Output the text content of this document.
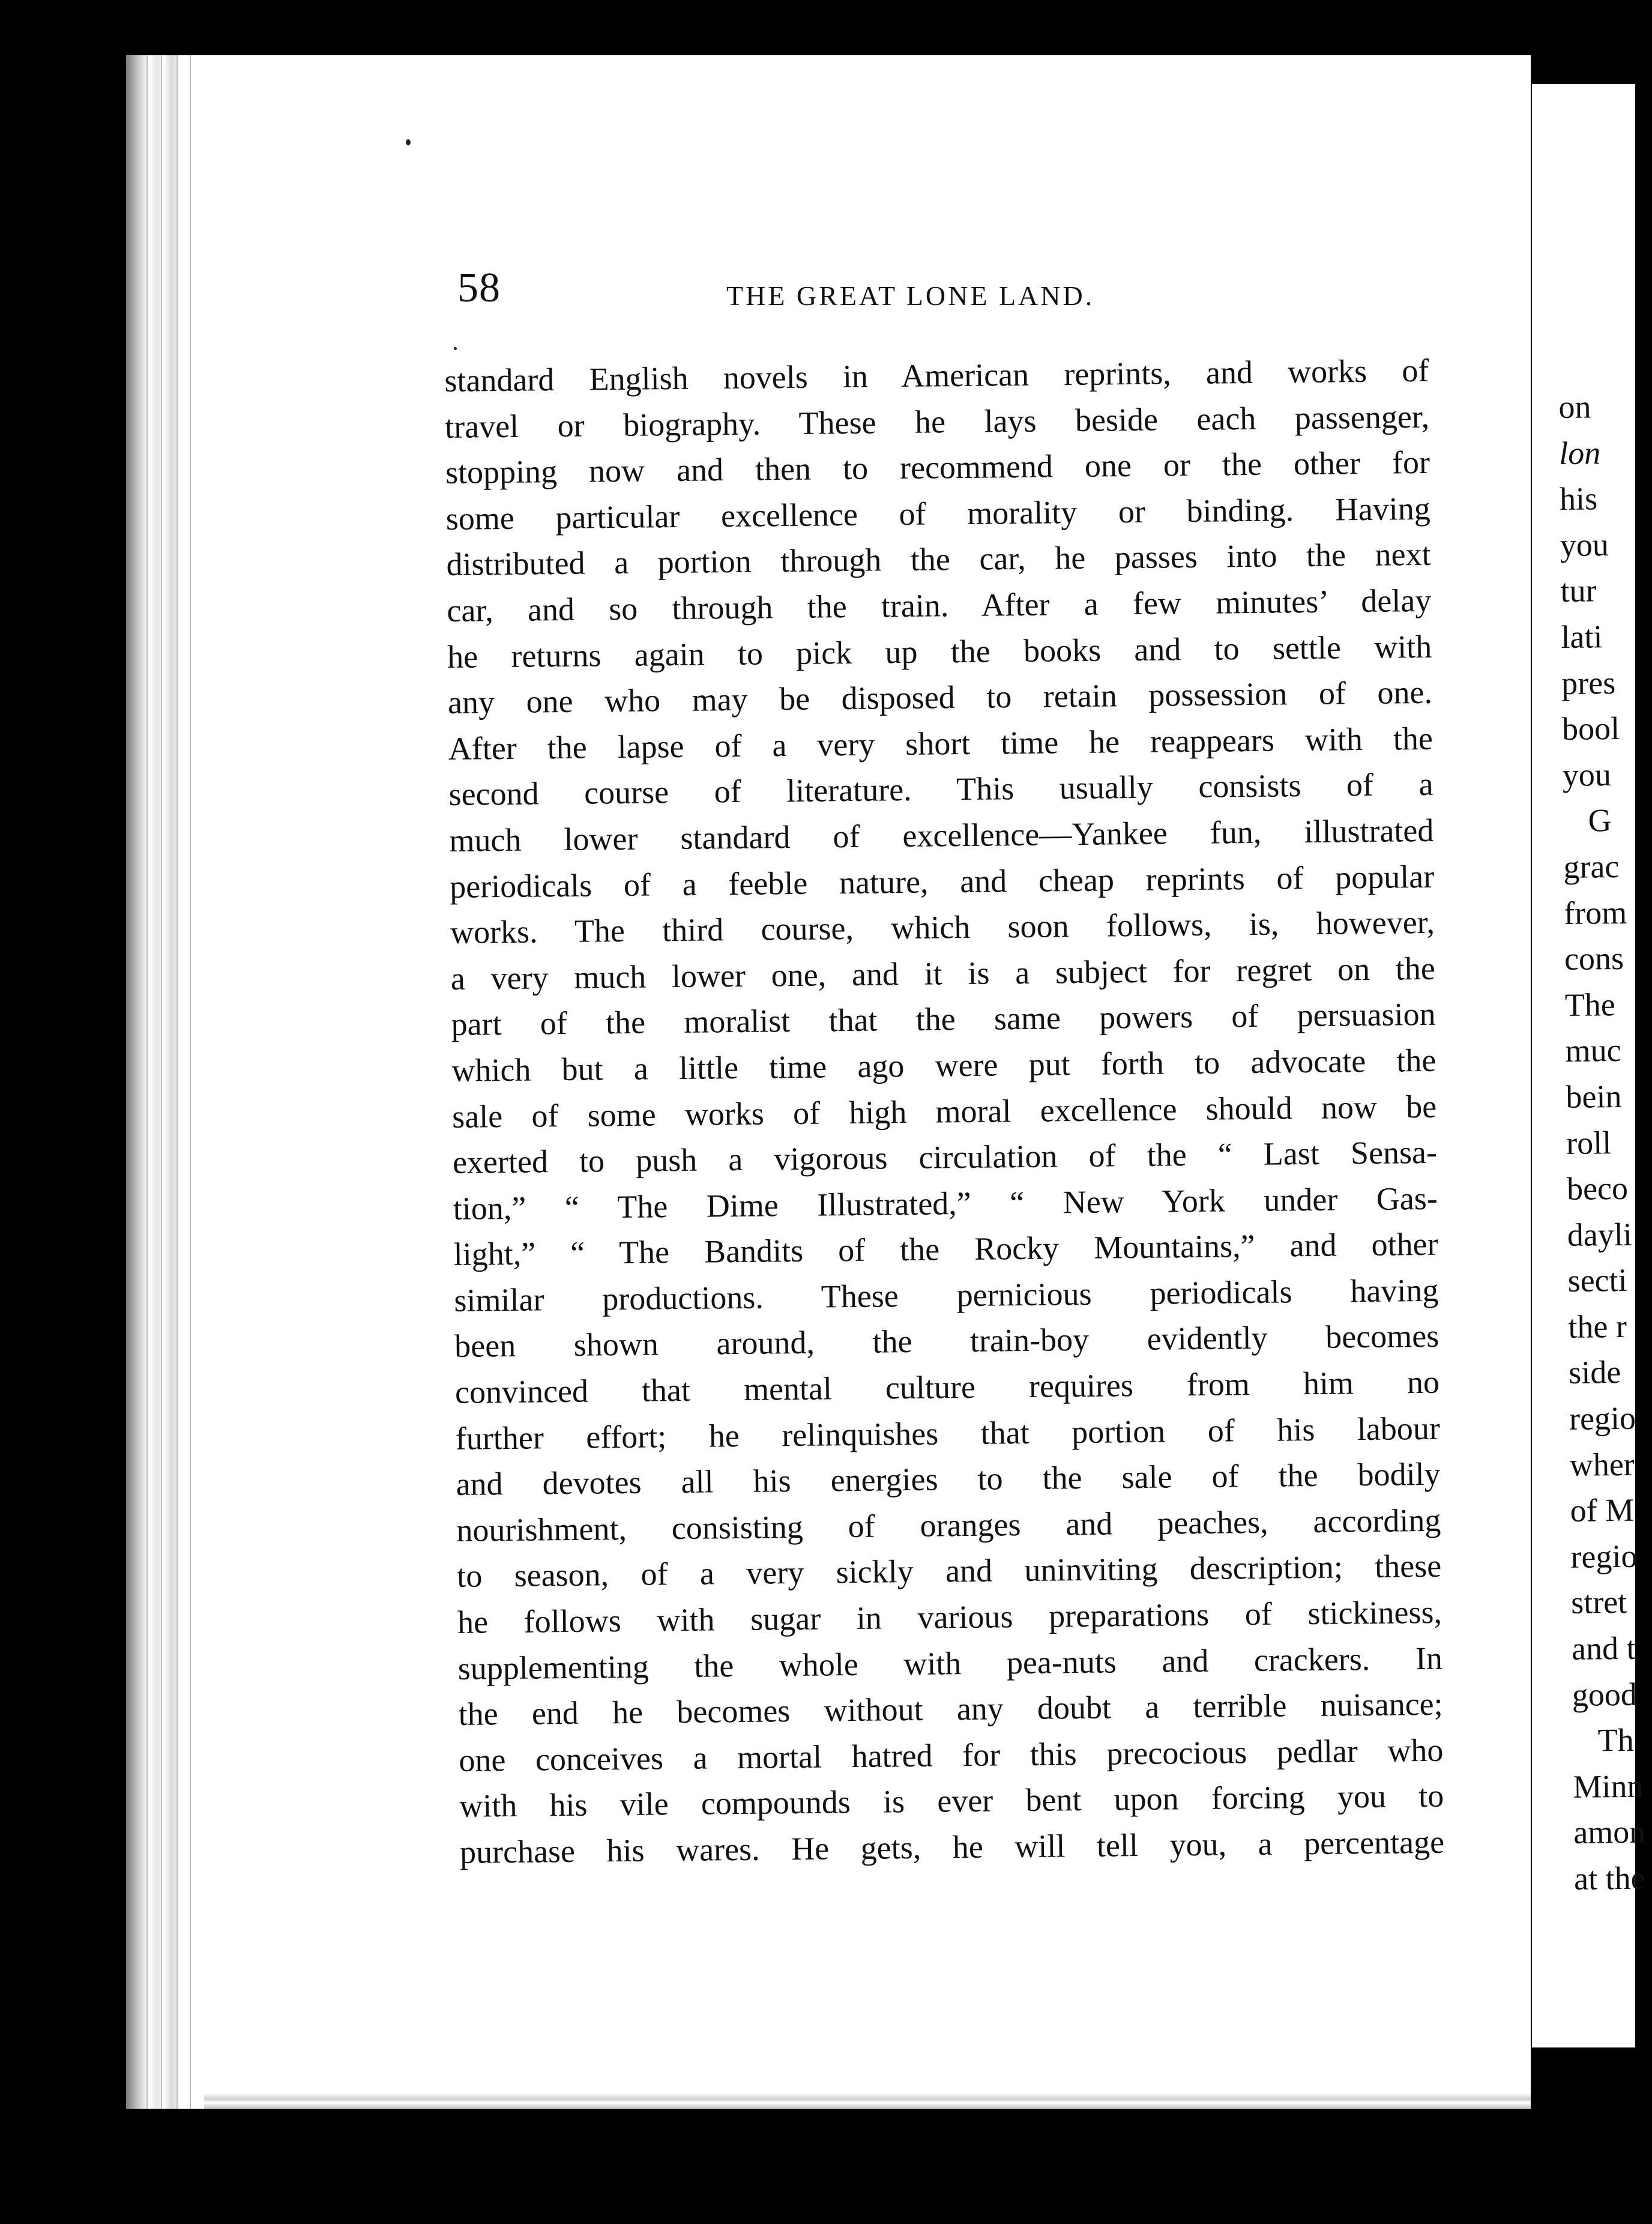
58	THE GREAT LONE LAND.
standard English novels in American reprints, and works of
travel or biography. These he lays beside each passenger,
stopping now and then to recommend one or the other for
some particular excellence of morality or binding. Having
distributed a portion through the car, he passes into the next
car, and so through the train. After a few minutes’ delay
he returns again to pick up the books and to settle with
any one who may be disposed to retain possession of one.
After the lapse of a very short time he reappears with the
second course of literature. This usually consists of a
much lower standard of excellence—Yankee fun, illustrated
periodicals of a feeble nature, and cheap reprints of popular
works. The third course, which soon follows, is, however,
a very much lower one, and it is a subject for regret on the
part of the moralist that the same powers of persuasion
which but a little time ago were put forth to advocate the
sale of some works of high moral excellence should now be
exerted to push a vigorous circulation of the “ Last Sensa-
tion,” “ The Dime Illustrated,” “ New York under Gas-
light,” “ The Bandits of the Rocky Mountains,” and other
similar productions. These pernicious periodicals having
been shown around, the train-boy evidently becomes
convinced that mental culture requires from him no
further effort; he relinquishes that portion of his labour
and devotes all his energies to the sale of the bodily
nourishment, consisting of oranges and peaches, according
to season, of a very sickly and uninviting description; these
he follows with sugar in various preparations of stickiness,
supplementing the whole with pea-nuts and crackers. In
the end he becomes without any doubt a terrible nuisance;
one conceives a mortal hatred for this precocious pedlar who
with his vile compounds is ever bent upon forcing you to
purchase his wares. He gets, he will tell you, a percentage
on
lon
his
you
tur
lati
pres
bool
you
G
grac
from
cons
The
muc
bein
roll
beco
dayli
secti
the r
side
regio
wher
of M
regio
stret
and t
good
Th
Minn
amon
at the
